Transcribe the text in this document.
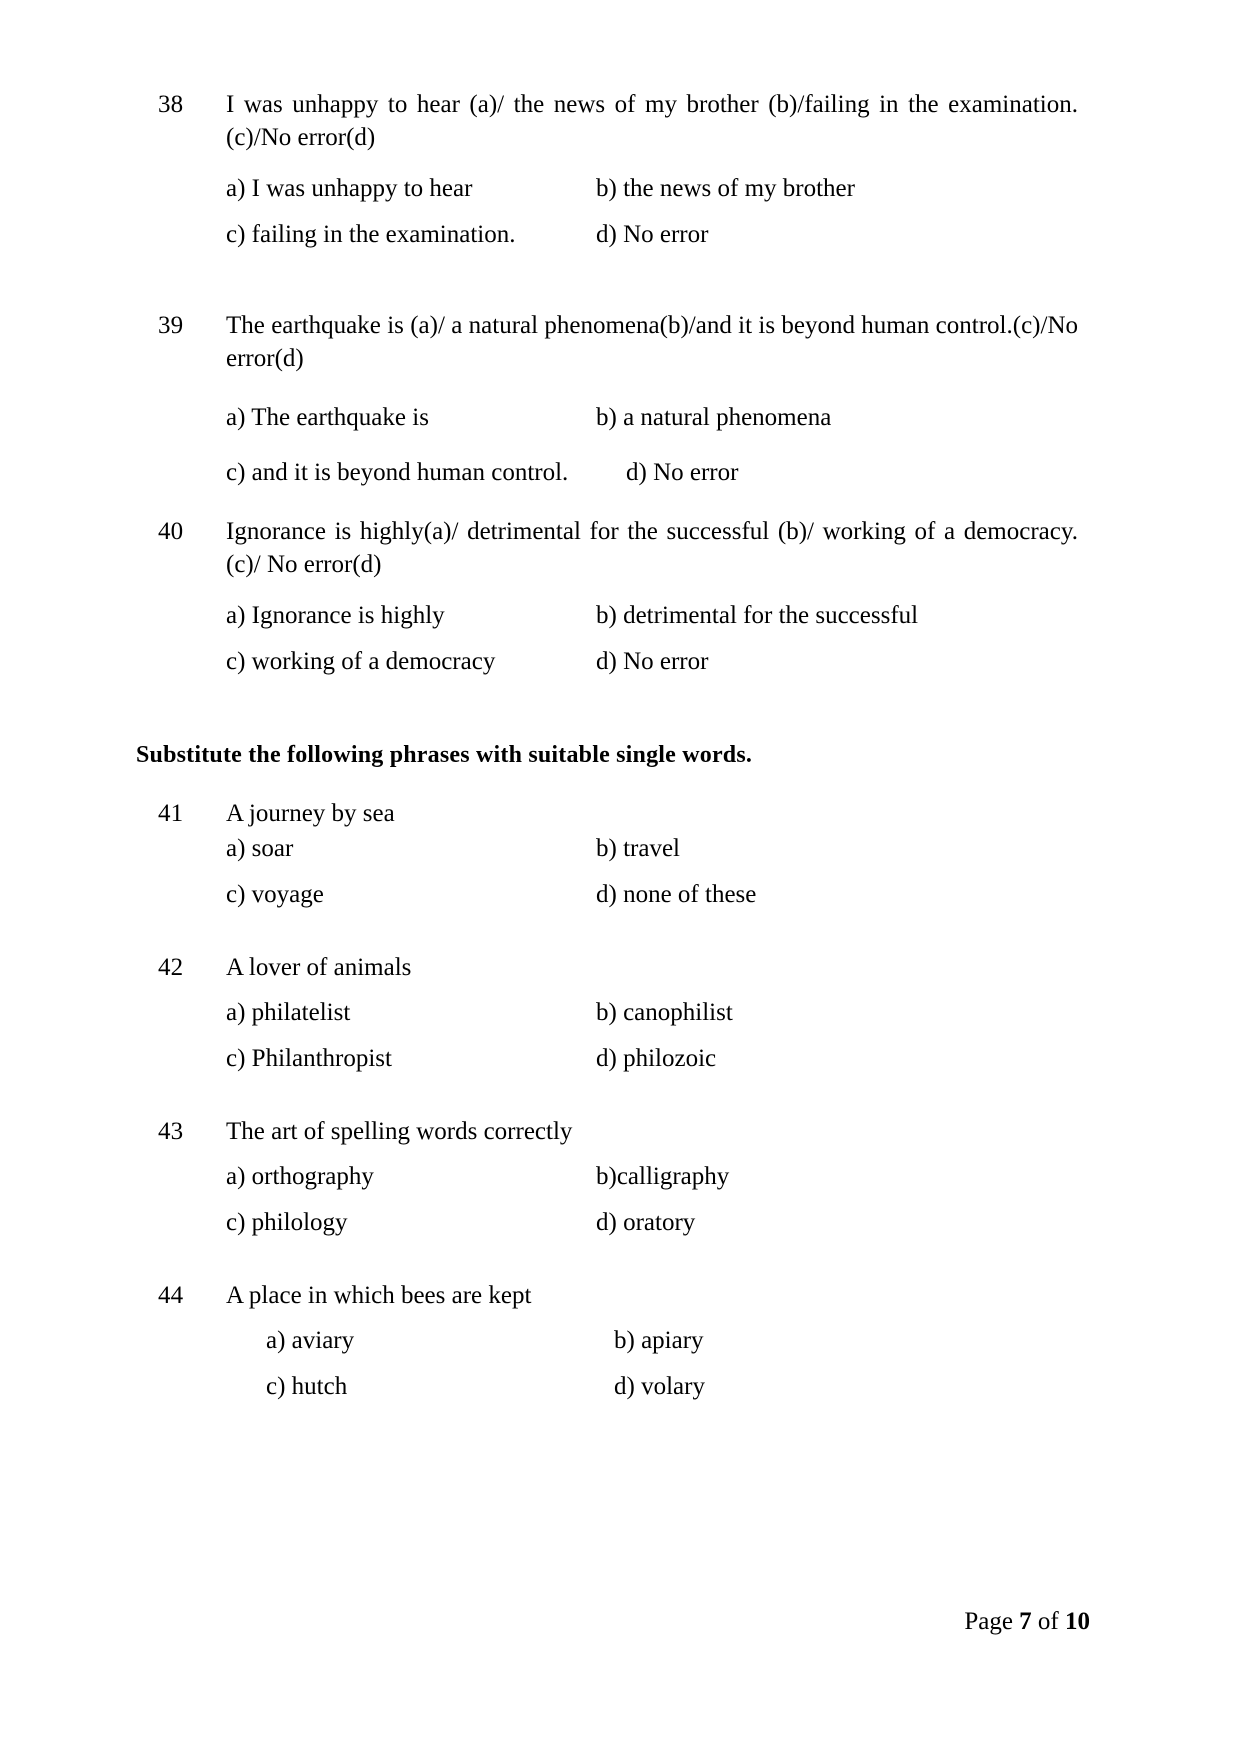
38	I was unhappy to hear (a)/ the news of my brother (b)/failing in the examination. (c)/No error(d)
a) I was unhappy to hear	b) the news of my brother
c) failing in the examination.	d) No error
39	The earthquake is (a)/ a natural phenomena(b)/and it is beyond human control.(c)/No error(d)
a) The earthquake is	b) a natural phenomena
c) and it is beyond human control.	d) No error
40	Ignorance is highly(a)/ detrimental for the successful (b)/ working of a democracy.(c)/ No error(d)
a) Ignorance is highly	b) detrimental for the successful
c) working of a democracy	d) No error
Substitute the following phrases with suitable single words.
41	A journey by sea
a) soar	b) travel
c) voyage	d) none of these
42	A lover of animals
a) philatelist	b) canophilist
c) Philanthropist	d) philozoic
43	The art of spelling words correctly
a) orthography	b)calligraphy
c) philology	d) oratory
44	A place in which bees are kept
a) aviary	b) apiary
c) hutch	d) volary
Page 7 of 10
